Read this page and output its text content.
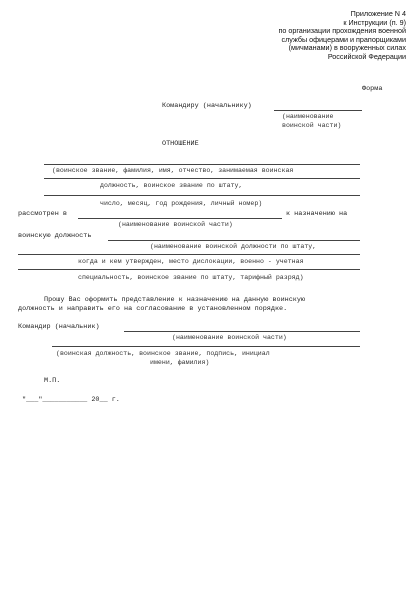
Приложение N 4
к Инструкции (п. 9)
по организации прохождения военной
службы офицерами и прапорщиками
(мичманами) в вооруженных силах
Российской Федерации
Форма
Командиру (начальнику)
(наименование
воинской части)
ОТНОШЕНИЕ
(воинское звание, фамилия, имя, отчество, занимаемая воинская
должность, воинское звание по штату,
число, месяц, год рождения, личный номер)
рассмотрен в	к назначению на
(наименование воинской части)
воинскую должность
(наименование воинской должности по штату,
когда и кем утвержден, место дислокации, военно - учетная
специальность, воинское звание по штату, тарифный разряд)
Прошу Вас оформить представление к назначению на данную воинскую
должность и направить его на согласование в установленном порядке.
Командир (начальник)
(наименование воинской части)
(воинская должность, воинское звание, подпись, инициал
имени, фамилия)
М.П.
"___"___________ 20__ г.
